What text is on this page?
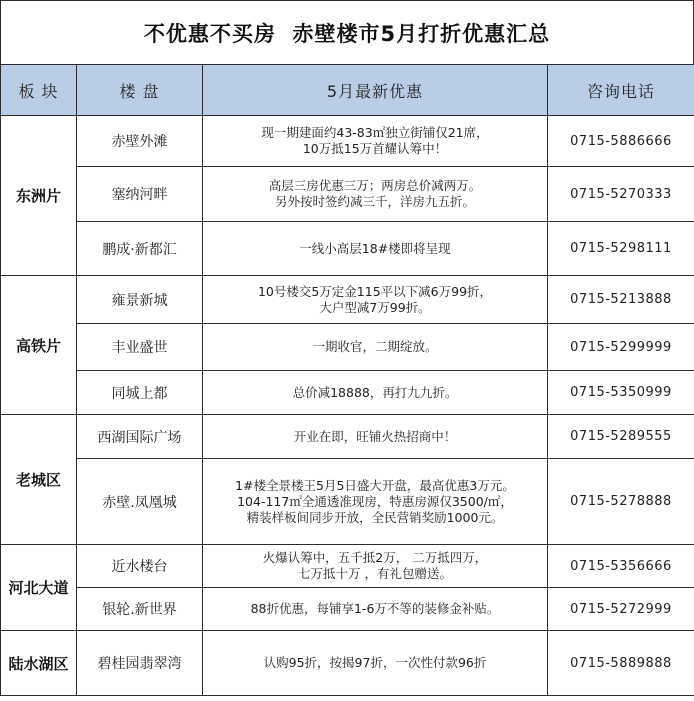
不优惠不买房  赤壁楼市5月打折优惠汇总
板 块	楼 盘	5月最新优惠	咨询电话
东洲片	赤壁外滩	现一期建面约43-83㎡独立街铺仅21席，
10万抵15万首耀认筹中！	0715-5886666
	塞纳河畔	高层三房优惠三万；两房总价减两万。
另外按时签约减三千，洋房九五折。	0715-5270333
	鹏成·新都汇	一线小高层18#楼即将呈现	0715-5298111
高铁片	雍景新城	10号楼交5万定金115平以下减6万99折，
大户型减7万99折。	0715-5213888
	丰业盛世	一期收官，二期绽放。	0715-5299999
	同城上都	总价减18888，再打九九折。	0715-5350999
老城区	西湖国际广场	开业在即，旺铺火热招商中！	0715-5289555
	赤壁.凤凰城	1#楼全景楼王5月5日盛大开盘，最高优惠3万元。
104-117㎡全通透准现房，特惠房源仅3500/㎡，
精装样板间同步开放，全民营销奖励1000元。	0715-5278888
河北大道	近水楼台	火爆认筹中，五千抵2万， 二万抵四万，
七万抵十万 ，有礼包赠送。	0715-5356666
	银轮.新世界	88折优惠，每铺享1-6万不等的装修金补贴。	0715-5272999
陆水湖区	碧桂园翡翠湾	认购95折，按揭97折，一次性付款96折	0715-5889888
